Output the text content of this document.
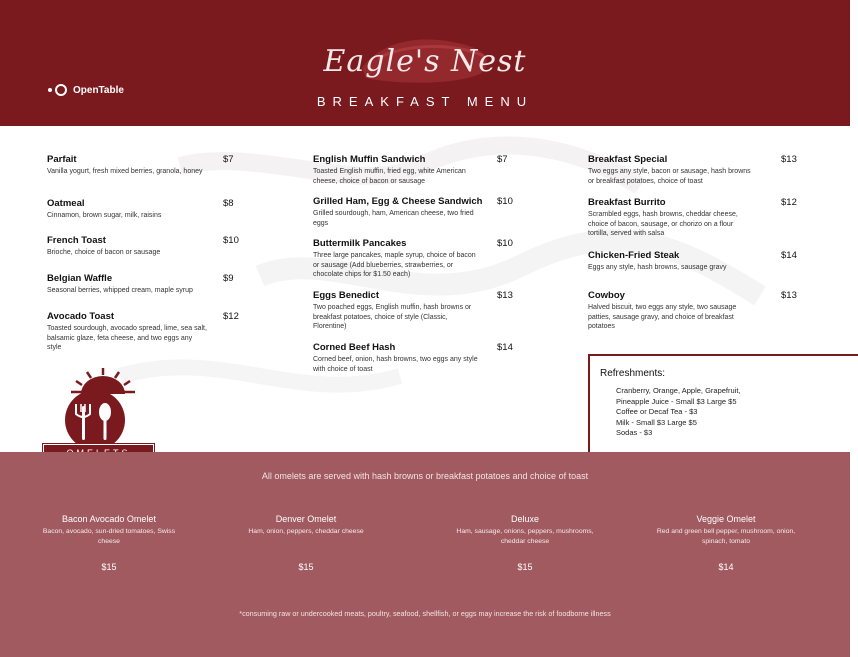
Eagle's Nest
BREAKFAST MENU
OpenTable
Parfait	$7
Vanilla yogurt, fresh mixed berries, granola, honey
Oatmeal	$8
Cinnamon, brown sugar, milk, raisins
French Toast	$10
Brioche, choice of bacon or sausage
Belgian Waffle	$9
Seasonal berries, whipped cream, maple syrup
Avocado Toast	$12
Toasted sourdough, avocado spread, lime, sea salt, balsamic glaze, feta cheese, and two eggs any style
English Muffin Sandwich	$7
Toasted English muffin, fried egg, white American cheese, choice of bacon or sausage
Grilled Ham, Egg & Cheese Sandwich $10
Grilled sourdough, ham, American cheese, two fried eggs
Buttermilk Pancakes	$10
Three large pancakes, maple syrup, choice of bacon or sausage (Add blueberries, strawberries, or chocolate chips for $1.50 each)
Eggs Benedict	$13
Two poached eggs, English muffin, hash browns or breakfast potatoes, choice of style (Classic, Florentine)
Corned Beef Hash	$14
Corned beef, onion, hash browns, two eggs any style with choice of toast
Breakfast Special	$13
Two eggs any style, bacon or sausage, hash browns or breakfast potatoes, choice of toast
Breakfast Burrito	$12
Scrambled eggs, hash browns, cheddar cheese, choice of bacon, sausage, or chorizo on a flour tortilla, served with salsa
Chicken-Fried Steak	$14
Eggs any style, hash browns, sausage gravy
Cowboy	$13
Halved biscuit, two eggs any style, two sausage patties, sausage gravy, and choice of breakfast potatoes
Refreshments:
Cranberry, Orange, Apple, Grapefruit,
Pineapple Juice - Small $3 Large $5
Coffee or Decaf Tea - $3
Milk - Small $3 Large $5
Sodas - $3
All omelets are served with hash browns or breakfast potatoes and choice of toast
Bacon Avocado Omelet
Bacon, avocado, sun-dried tomatoes, Swiss cheese
$15
Denver Omelet
Ham, onion, peppers, cheddar cheese
$15
Deluxe
Ham, sausage, onions, peppers, mushrooms, cheddar cheese
$15
Veggie Omelet
Red and green bell pepper, mushroom, onion, spinach, tomato
$14
*consuming raw or undercooked meats, poultry, seafood, shellfish, or eggs may increase the risk of foodborne illness
